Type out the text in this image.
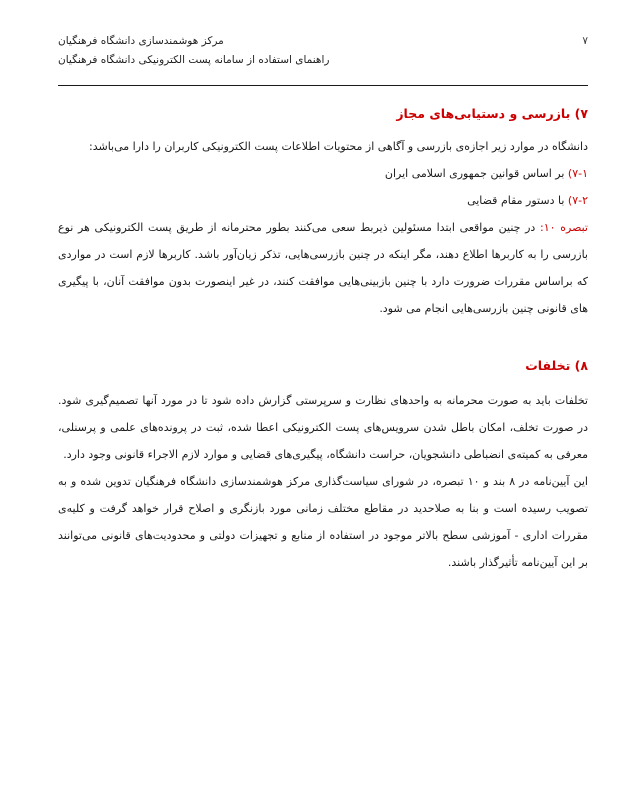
مرکز هوشمندسازی دانشگاه فرهنگیان
راهنمای استفاده از سامانه پست الکترونیکی دانشگاه فرهنگیان
۷
۷) بازرسی و دستیابی‌های مجاز

دانشگاه در موارد زیر اجازه‌ی بازرسی و آگاهی از محتویات اطلاعات پست الکترونیکی کاربران را دارا می‌باشد:

۷-۱) بر اساس قوانین جمهوری اسلامی ایران

۷-۲) با دستور مقام قضایی

تبصره ۱۰: در چنین مواقعی ابتدا مسئولین ذیربط سعی می‌کنند بطور محترمانه از طریق پست الکترونیکی هر نوع بازرسی را به کاربرها اطلاع دهند، مگر اینکه در چنین بازرسی‌هایی، تذکر زیان‌آور باشد. کاربرها لازم است در مواردی که براساس مقررات ضرورت دارد با چنین بازبینی‌هایی موافقت کنند، در غیر اینصورت بدون موافقت آنان، با پیگیری های قانونی چنین بازرسی‌هایی انجام می شود.

۸) تخلفات

تخلفات باید به صورت محرمانه به واحدهای نظارت و سرپرستی گزارش داده شود تا در مورد آنها تصمیم‌گیری شود. در صورت تخلف، امکان باطل شدن سرویس‌های پست الکترونیکی اعطا شده، ثبت در پرونده‌های علمی و پرسنلی، معرفی به کمیته‌ی انضباطی دانشجویان، حراست دانشگاه، پیگیری‌های قضایی و موارد لازم الاجراء قانونی وجود دارد.

این آیین‌نامه در ۸ بند و ۱۰ تبصره، در شورای سیاست‌گذاری مرکز هوشمندسازی دانشگاه فرهنگیان تدوین شده و به تصویب رسیده است و بنا به صلاحدید در مقاطع مختلف زمانی مورد بازنگری و اصلاح قرار خواهد گرفت و کلیه‌ی مقررات اداری - آموزشی سطح بالاتر موجود در استفاده از منابع و تجهیزات دولتی و محدودیت‌های قانونی می‌توانند بر این آیین‌نامه تأثیرگذار باشند.
